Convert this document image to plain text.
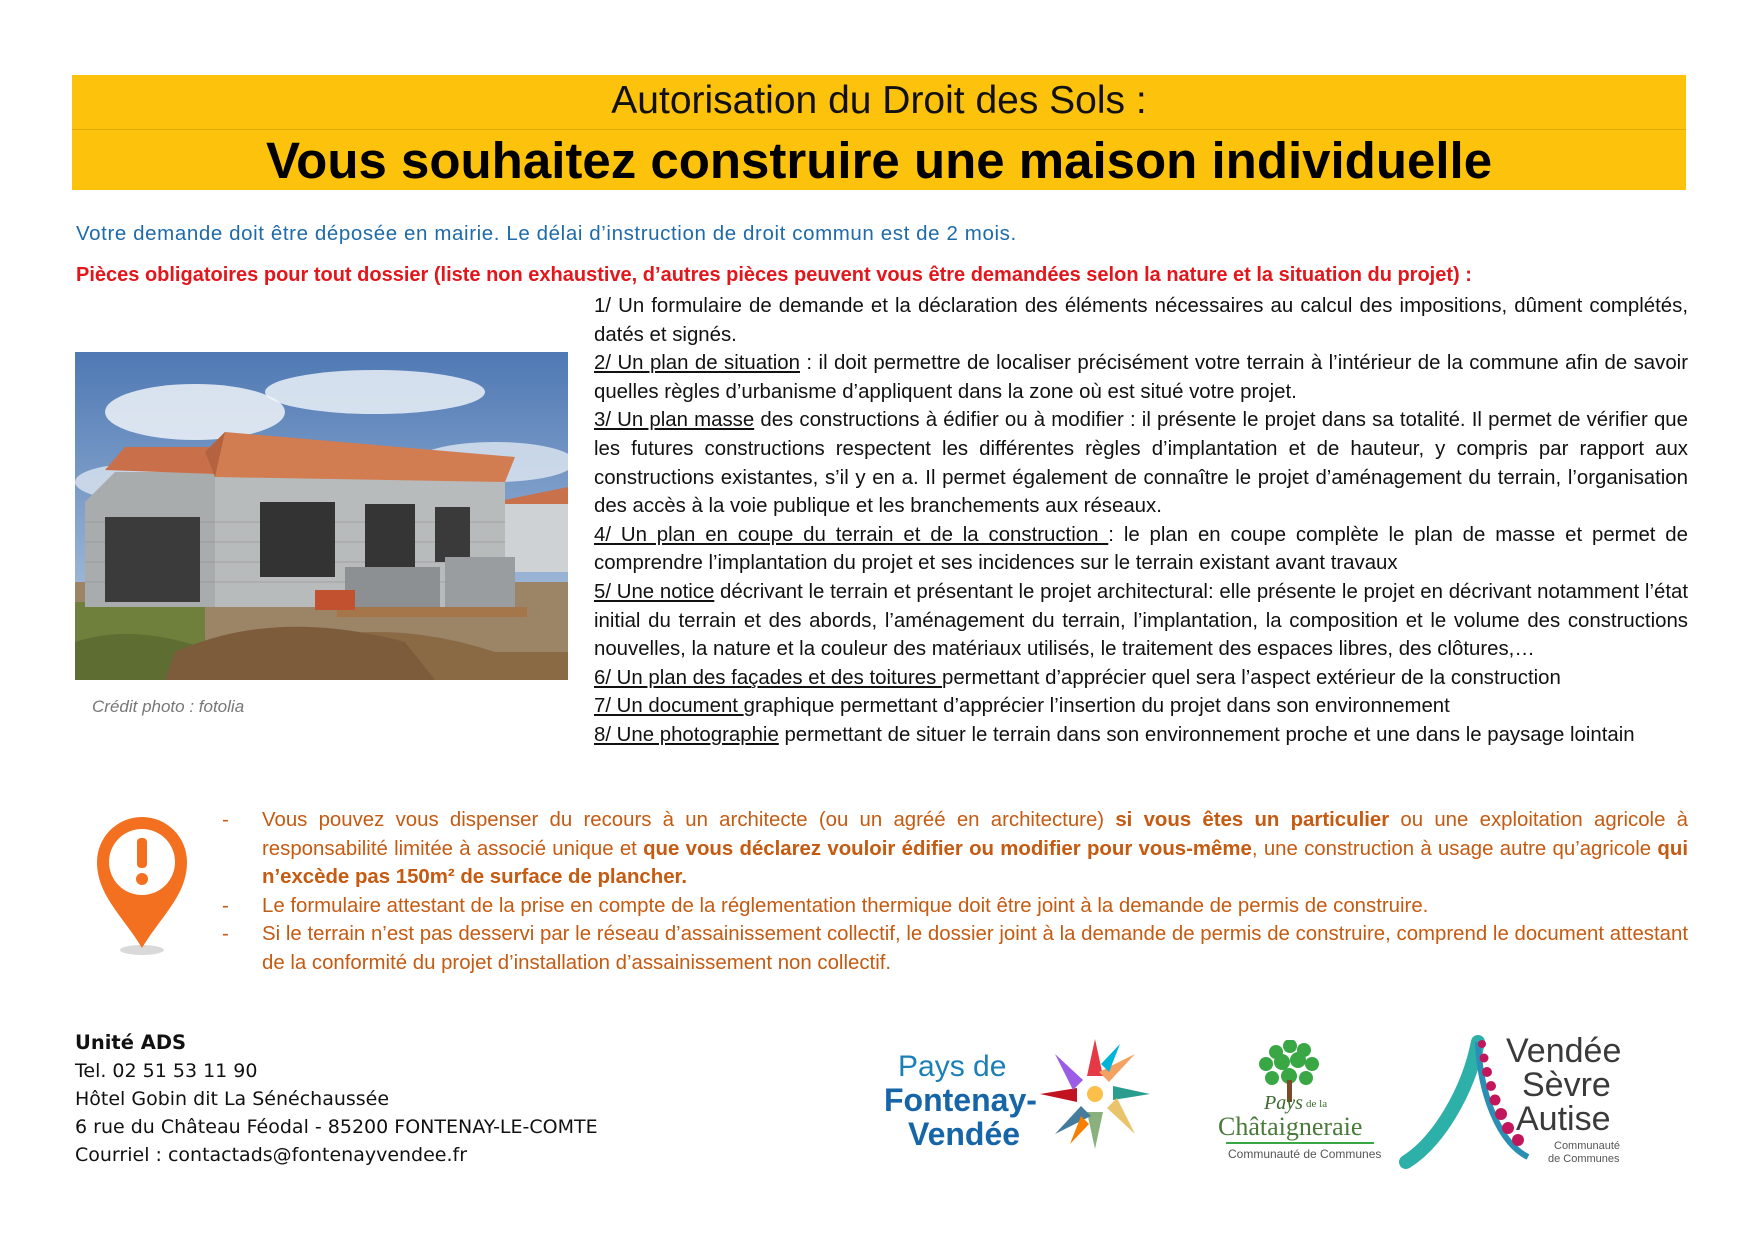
Autorisation du Droit des Sols :
Vous souhaitez construire une maison individuelle
Votre demande doit être déposée en mairie. Le délai d’instruction de droit commun est de 2 mois.
Pièces obligatoires pour tout dossier (liste non exhaustive, d’autres pièces peuvent vous être demandées selon la nature et la situation du projet) :
Crédit photo : fotolia

1/ Un formulaire de demande et la déclaration des éléments nécessaires au calcul des impositions, dûment complétés, datés et signés.

2/ Un plan de situation : il doit permettre de localiser précisément votre terrain à l’intérieur de la commune afin de savoir quelles règles d’urbanisme d’appliquent dans la zone où est situé votre projet.

3/ Un plan masse des constructions à édifier ou à modifier : il présente le projet dans sa totalité. Il permet de vérifier que les futures constructions respectent les différentes règles d’implantation et de hauteur, y compris par rapport aux constructions existantes, s’il y en a. Il permet également de connaître le projet d’aménagement du terrain, l’organisation des accès à la voie publique et les branchements aux réseaux.

4/ Un plan en coupe du terrain et de la construction : le plan en coupe complète le plan de masse et permet de comprendre l’implantation du projet et ses incidences sur le terrain existant avant travaux

5/ Une notice décrivant le terrain et présentant le projet architectural: elle présente le projet en décrivant notamment l’état initial du terrain et des abords, l’aménagement du terrain, l’implantation, la composition et le volume des constructions nouvelles, la nature et la couleur des matériaux utilisés, le traitement des espaces libres, des clôtures,…

6/ Un plan des façades et des toitures permettant d’apprécier quel sera l’aspect extérieur de la construction

7/ Un document graphique permettant d’apprécier l’insertion du projet dans son environnement

8/ Une photographie permettant de situer le terrain dans son environnement proche et une dans le paysage lointain

- Vous pouvez vous dispenser du recours à un architecte (ou un agréé en architecture) si vous êtes un particulier ou une exploitation agricole à responsabilité limitée à associé unique et que vous déclarez vouloir édifier ou modifier pour vous-même, une construction à usage autre qu’agricole qui n’excède pas 150m² de surface de plancher.

- Le formulaire attestant de la prise en compte de la réglementation thermique doit être joint à la demande de permis de construire.

- Si le terrain n’est pas desservi par le réseau d’assainissement collectif, le dossier joint à la demande de permis de construire, comprend le document attestant de la conformité du projet d’installation d’assainissement non collectif.

Unité ADS
Tel. 02 51 53 11 90
Hôtel Gobin dit La Sénéchaussée
6 rue du Château Féodal - 85200 FONTENAY-LE-COMTE
Courriel : contactads@fontenayvendee.fr
Pays de
Fontenay-
Vendée
Pays de la
Châtaigneraie
Communauté de Communes
Vendée
Sèvre
Autise
Communauté
de Communes
